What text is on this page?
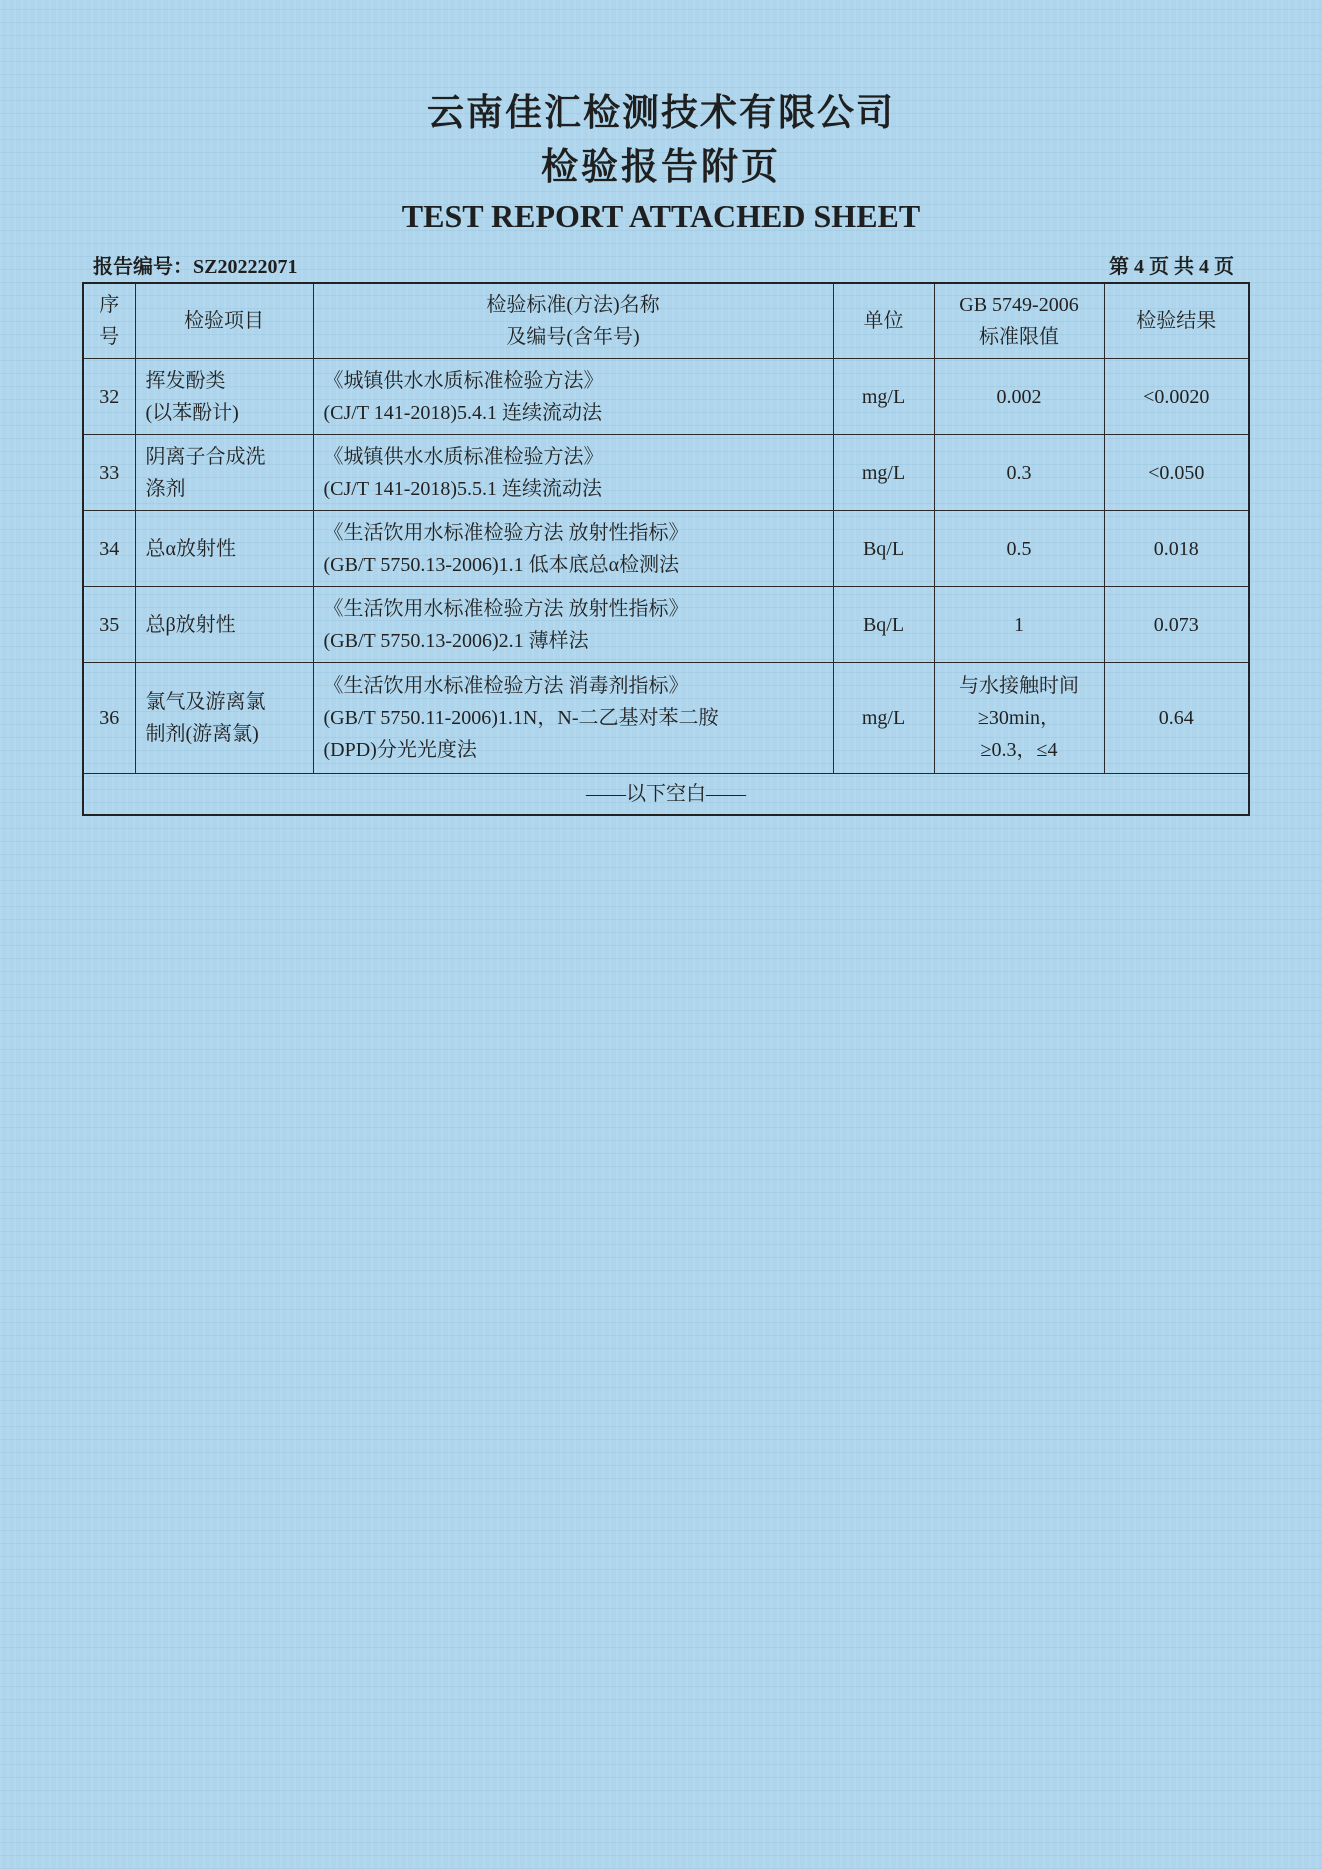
云南佳汇检测技术有限公司
检验报告附页
TEST REPORT ATTACHED SHEET
报告编号：SZ20222071	第 4 页 共 4 页
序
号	检验项目	检验标准(方法)名称
及编号(含年号)	单位	GB 5749-2006
标准限值	检验结果
32	挥发酚类
(以苯酚计)	《城镇供水水质标准检验方法》
(CJ/T 141-2018)5.4.1 连续流动法	mg/L	0.002	<0.0020
33	阴离子合成洗
涤剂	《城镇供水水质标准检验方法》
(CJ/T 141-2018)5.5.1 连续流动法	mg/L	0.3	<0.050
34	总α放射性	《生活饮用水标准检验方法 放射性指标》
(GB/T 5750.13-2006)1.1 低本底总α检测法	Bq/L	0.5	0.018
35	总β放射性	《生活饮用水标准检验方法 放射性指标》
(GB/T 5750.13-2006)2.1 薄样法	Bq/L	1	0.073
36	氯气及游离氯
制剂(游离氯)	《生活饮用水标准检验方法 消毒剂指标》
(GB/T 5750.11-2006)1.1N，N-二乙基对苯二胺
(DPD)分光光度法	mg/L	与水接触时间
≥30min，
≥0.3，≤4	0.64
——以下空白——					
